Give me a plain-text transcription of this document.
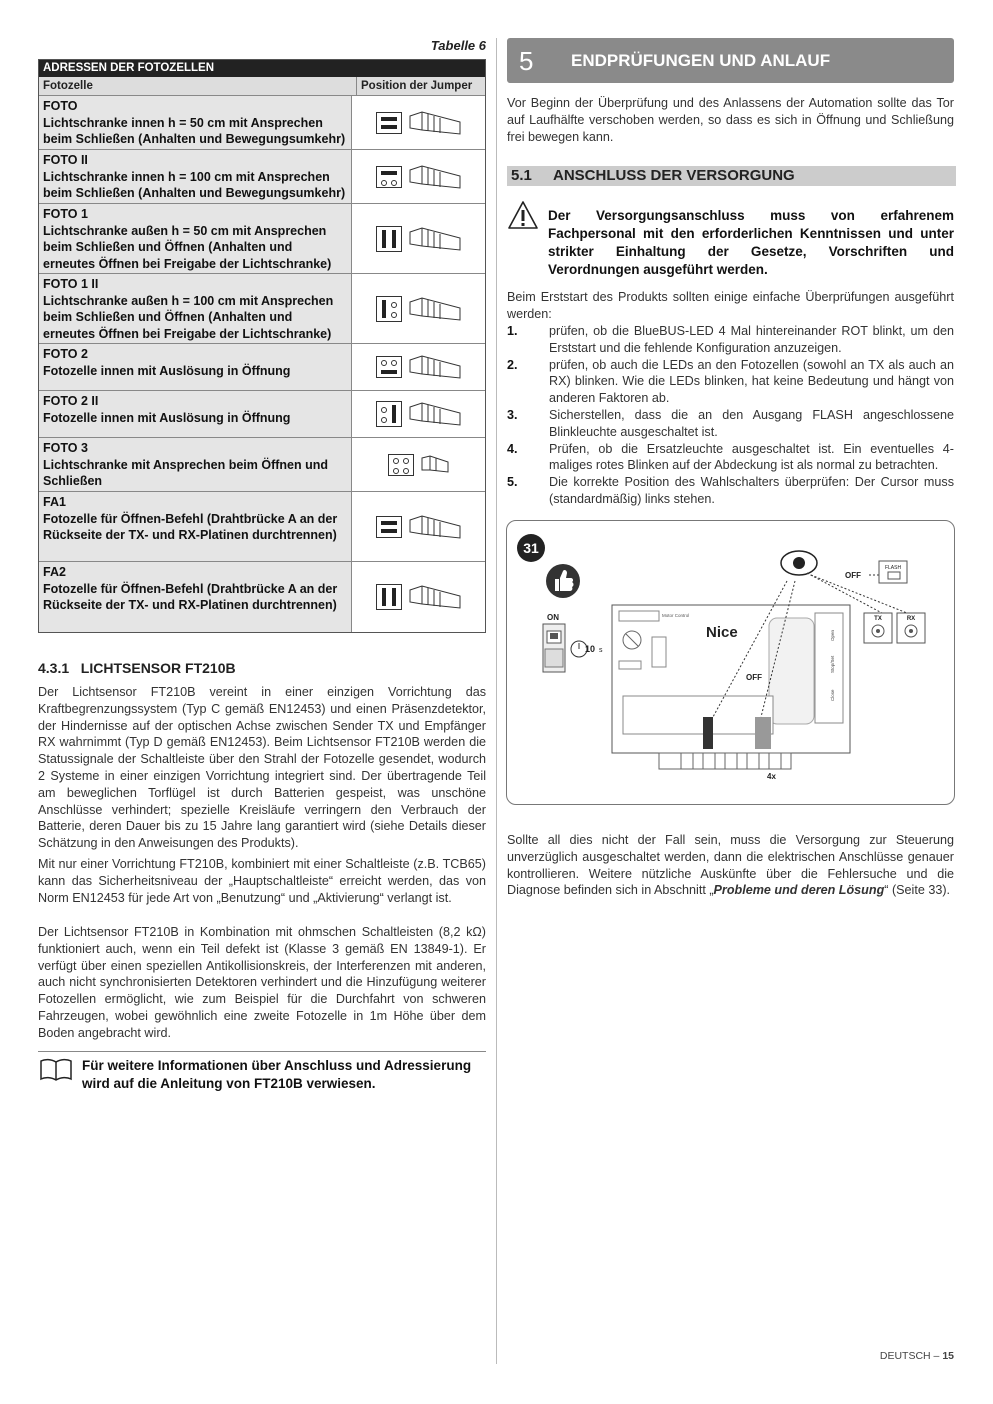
Tabelle 6
ADRESSEN DER FOTOZELLEN
Fotozelle	Position der Jumper
FOTO
Lichtschranke innen h = 50 cm mit Ansprechen beim Schließen (Anhalten und Bewegungsumkehr)
FOTO II
Lichtschranke innen h = 100 cm mit Ansprechen beim Schließen (Anhalten und Bewegungsumkehr)
FOTO 1
Lichtschranke außen h = 50 cm mit Ansprechen beim Schließen und Öffnen (Anhalten und erneutes Öffnen bei Freigabe der Lichtschranke)
FOTO 1 II
Lichtschranke außen h = 100 cm mit Ansprechen beim Schließen und Öffnen (Anhalten und erneutes Öffnen bei Freigabe der Lichtschranke)
FOTO 2
Fotozelle innen mit Auslösung in Öffnung
FOTO 2 II
Fotozelle innen mit Auslösung in Öffnung
FOTO 3
Lichtschranke mit Ansprechen beim Öffnen und Schließen
FA1
Fotozelle für Öffnen-Befehl (Drahtbrücke A an der Rückseite der TX- und RX-Platinen durchtrennen)
FA2
Fotozelle für Öffnen-Befehl (Drahtbrücke A an der Rückseite der TX- und RX-Platinen durchtrennen)
4.3.1   LICHTSENSOR FT210B
Der Lichtsensor FT210B vereint in einer einzigen Vorrichtung das Kraftbegrenzungssystem (Typ C gemäß EN12453) und einen Präsenzdetektor, der Hindernisse auf der optischen Achse zwischen Sender TX und Empfänger RX wahrnimmt (Typ D gemäß EN12453). Beim Lichtsensor FT210B werden die Statussignale der Schaltleiste über den Strahl der Fotozelle gesendet, wodurch 2 Systeme in einer einzigen Vorrichtung integriert sind. Der übertragende Teil am beweglichen Torflügel ist durch Batterien gespeist, was unschöne Anschlüsse verhindert; spezielle Kreisläufe verringern den Verbrauch der Batterie, deren Dauer bis zu 15 Jahre lang garantiert wird (siehe Details dieser Schätzung in den Anweisungen des Produkts).
Mit nur einer Vorrichtung FT210B, kombiniert mit einer Schaltleiste (z.B. TCB65) kann das Sicherheitsniveau der „Hauptschaltleiste“ erreicht werden, das von Norm EN12453 für jede Art von „Benutzung“ und „Aktivierung“ verlangt ist.
Der Lichtsensor FT210B in Kombination mit ohmschen Schaltleisten (8,2 kΩ) funktioniert auch, wenn ein Teil defekt ist (Klasse 3 gemäß EN 13849-1). Er verfügt über einen speziellen Antikollisionskreis, der Interferenzen mit anderen, auch nicht synchronisierten Detektoren verhindert und die Hinzufügung weiterer Fotozellen ermöglicht, wie zum Beispiel für die Durchfahrt von schweren Fahrzeugen, wobei gewöhnlich eine zweite Fotozelle in 1m Höhe über dem Boden angebracht wird.
Für weitere Informationen über Anschluss und Adressierung wird auf die Anleitung von FT210B verwiesen.
5 ENDPRÜFUNGEN UND ANLAUF
Vor Beginn der Überprüfung und des Anlassens der Automation sollte das Tor auf Laufhälfte verschoben werden, so dass es sich in Öffnung und Schließung frei bewegen kann.
5.1 ANSCHLUSS DER VERSORGUNG
Der Versorgungsanschluss muss von erfahrenem Fachpersonal mit den erforderlichen Kenntnissen und unter strikter Einhaltung der Gesetze, Vorschriften und Verordnungen ausgeführt werden.
Beim Erststart des Produkts sollten einige einfache Überprüfungen ausgeführt werden:
1.	prüfen, ob die BlueBUS-LED 4 Mal hintereinander ROT blinkt, um den Erststart und die fehlende Konfiguration anzuzeigen.
2.	prüfen, ob auch die LEDs an den Fotozellen (sowohl an TX als auch an RX) blinken. Wie die LEDs blinken, hat keine Bedeutung und hängt von anderen Faktoren ab.
3.	Sicherstellen, dass die an den Ausgang FLASH angeschlossene Blinkleuchte ausgeschaltet ist.
4.	Prüfen, ob die Ersatzleuchte ausgeschaltet ist. Ein eventuelles 4-maliges rotes Blinken auf der Abdeckung ist als normal zu betrachten.
5.	Die korrekte Position des Wahlschalters überprüfen: Der Cursor muss (standardmäßig) links stehen.
31
ON
10 s
Motor Control
Nice
OFF
Open
Stop/Set
Close
4x
OFF
FLASH
TX	RX
Sollte all dies nicht der Fall sein, muss die Versorgung zur Steuerung unverzüglich ausgeschaltet werden, dann die elektrischen Anschlüsse genauer kontrollieren. Weitere nützliche Auskünfte über die Fehlersuche und die Diagnose befinden sich in Abschnitt „Probleme und deren Lösung“ (Seite 33).
DEUTSCH – 15
